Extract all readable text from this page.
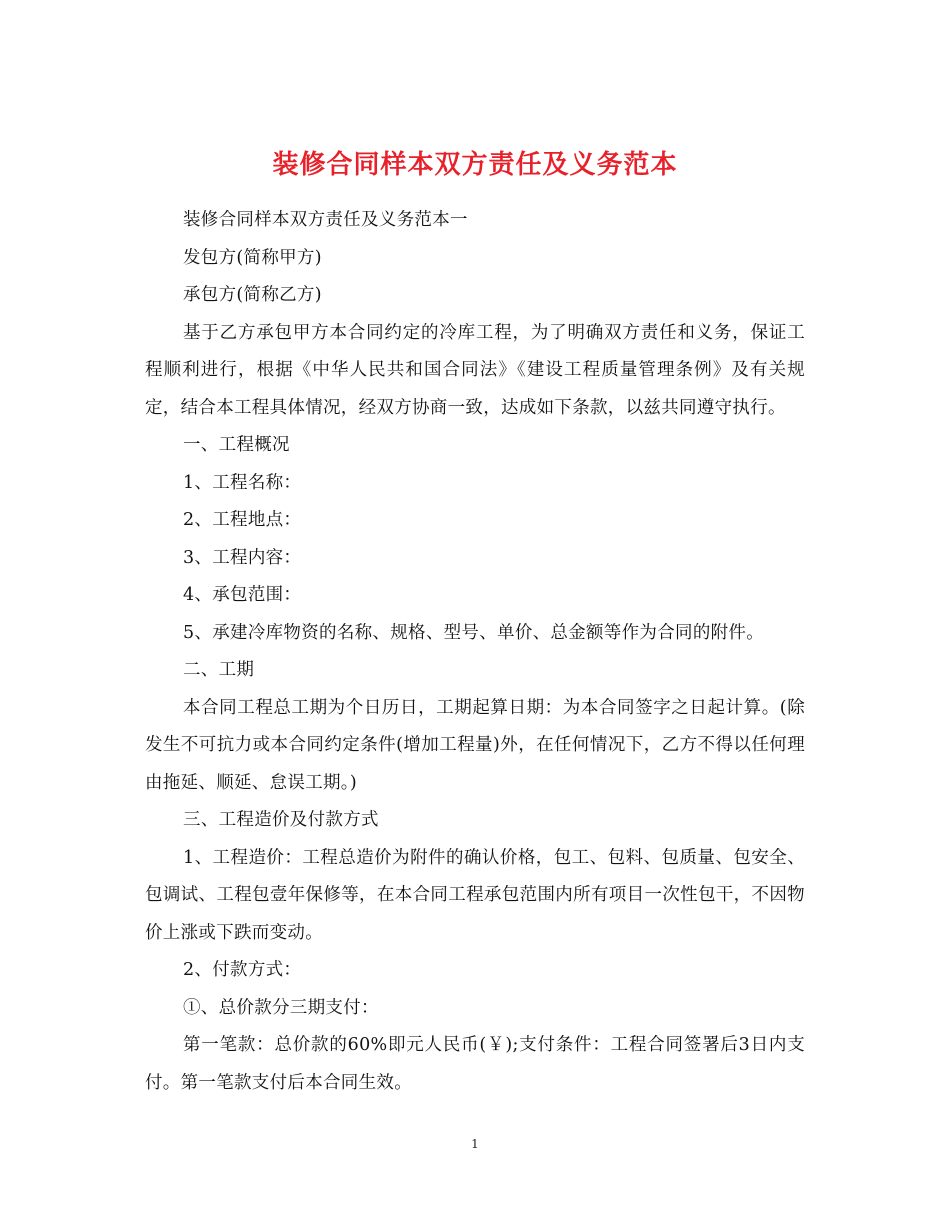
装修合同样本双方责任及义务范本

装修合同样本双方责任及义务范本一

发包方(简称甲方)

承包方(简称乙方)

基于乙方承包甲方本合同约定的冷库工程，为了明确双方责任和义务，保证工程顺利进行，根据《中华人民共和国合同法》《建设工程质量管理条例》及有关规定，结合本工程具体情况，经双方协商一致，达成如下条款，以兹共同遵守执行。

一、工程概况

1、工程名称：

2、工程地点：

3、工程内容：

4、承包范围：

5、承建冷库物资的名称、规格、型号、单价、总金额等作为合同的附件。

二、工期

本合同工程总工期为个日历日，工期起算日期：为本合同签字之日起计算。(除发生不可抗力或本合同约定条件(增加工程量)外，在任何情况下，乙方不得以任何理由拖延、顺延、怠误工期。)

三、工程造价及付款方式

1、工程造价：工程总造价为附件的确认价格，包工、包料、包质量、包安全、包调试、工程包壹年保修等，在本合同工程承包范围内所有项目一次性包干，不因物价上涨或下跌而变动。

2、付款方式：

①、总价款分三期支付：

第一笔款：总价款的60%即元人民币(￥);支付条件：工程合同签署后3日内支付。第一笔款支付后本合同生效。

1
